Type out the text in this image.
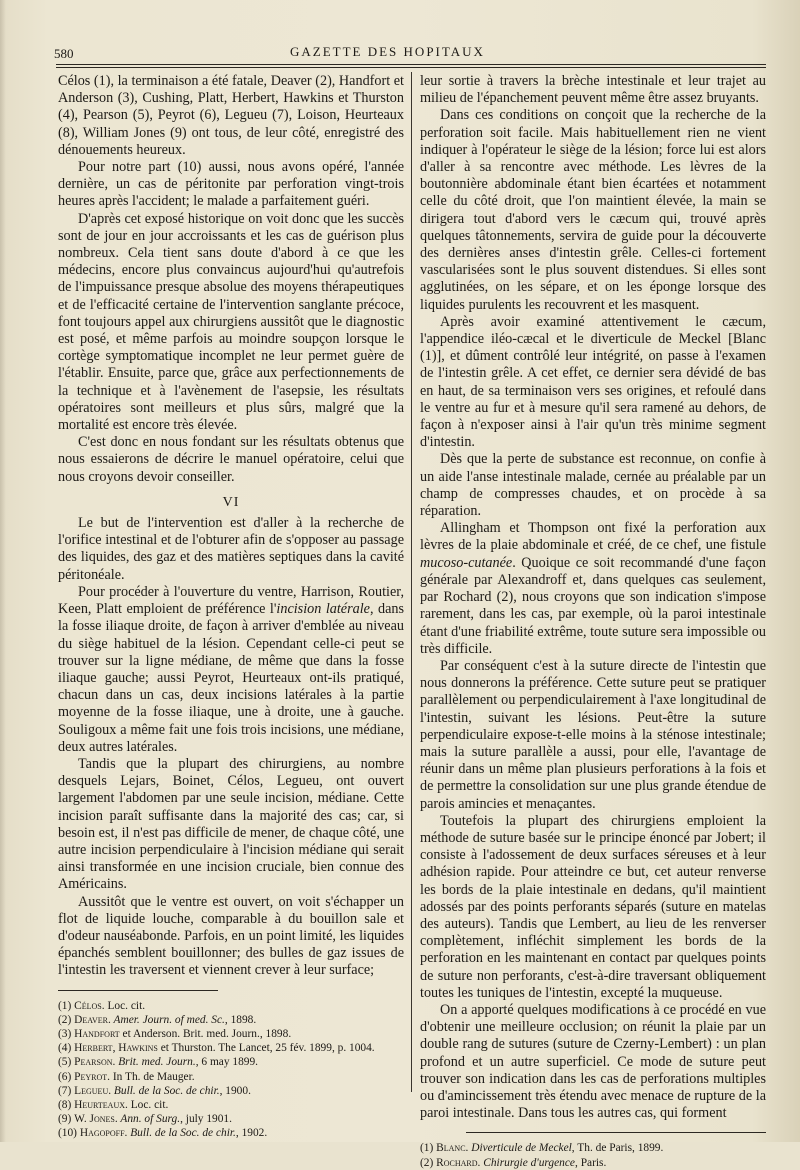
580	GAZETTE DES HOPITAUX

Célos (1), la terminaison a été fatale, Deaver (2), Handfort et Anderson (3), Cushing, Platt, Herbert, Hawkins et Thurston (4), Pearson (5), Peyrot (6), Legueu (7), Loison, Heurteaux (8), William Jones (9) ont tous, de leur côté, enregistré des dénouements heureux.

Pour notre part (10) aussi, nous avons opéré, l'année dernière, un cas de péritonite par perforation vingt-trois heures après l'accident; le malade a parfaitement guéri.

D'après cet exposé historique on voit donc que les succès sont de jour en jour accroissants et les cas de guérison plus nombreux. Cela tient sans doute d'abord à ce que les médecins, encore plus convaincus aujourd'hui qu'autrefois de l'impuissance presque absolue des moyens thérapeutiques et de l'efficacité certaine de l'intervention sanglante précoce, font toujours appel aux chirurgiens aussitôt que le diagnostic est posé, et même parfois au moindre soupçon lorsque le cortège symptomatique incomplet ne leur permet guère de l'établir. Ensuite, parce que, grâce aux perfectionnements de la technique et à l'avènement de l'asepsie, les résultats opératoires sont meilleurs et plus sûrs, malgré que la mortalité est encore très élevée.

C'est donc en nous fondant sur les résultats obtenus que nous essaierons de décrire le manuel opératoire, celui que nous croyons devoir conseiller.

VI

Le but de l'intervention est d'aller à la recherche de l'orifice intestinal et de l'obturer afin de s'opposer au passage des liquides, des gaz et des matières septiques dans la cavité péritonéale.

Pour procéder à l'ouverture du ventre, Harrison, Routier, Keen, Platt emploient de préférence l'incision latérale, dans la fosse iliaque droite, de façon à arriver d'emblée au niveau du siège habituel de la lésion. Cependant celle-ci peut se trouver sur la ligne médiane, de même que dans la fosse iliaque gauche; aussi Peyrot, Heurteaux ont-ils pratiqué, chacun dans un cas, deux incisions latérales à la partie moyenne de la fosse iliaque, une à droite, une à gauche. Souligoux a même fait une fois trois incisions, une médiane, deux autres latérales.

Tandis que la plupart des chirurgiens, au nombre desquels Lejars, Boinet, Célos, Legueu, ont ouvert largement l'abdomen par une seule incision, médiane. Cette incision paraît suffisante dans la majorité des cas; car, si besoin est, il n'est pas difficile de mener, de chaque côté, une autre incision perpendiculaire à l'incision médiane qui serait ainsi transformée en une incision cruciale, bien connue des Américains.

Aussitôt que le ventre est ouvert, on voit s'échapper un flot de liquide louche, comparable à du bouillon sale et d'odeur nauséabonde. Parfois, en un point limité, les liquides épanchés semblent bouillonner; des bulles de gaz issues de l'intestin les traversent et viennent crever à leur surface;

(1) Célos. Loc. cit.
(2) Deaver. Amer. Journ. of med. Sc., 1898.
(3) Handfort et Anderson. Brit. med. Journ., 1898.
(4) Herbert, Hawkins et Thurston. The Lancet, 25 fév. 1899, p. 1004.
(5) Pearson. Brit. med. Journ., 6 may 1899.
(6) Peyrot. In Th. de Mauger.
(7) Legueu. Bull. de la Soc. de chir., 1900.
(8) Heurteaux. Loc. cit.
(9) W. Jones. Ann. of Surg., july 1901.
(10) Hagopoff. Bull. de la Soc. de chir., 1902.

leur sortie à travers la brèche intestinale et leur trajet au milieu de l'épanchement peuvent même être assez bruyants.

Dans ces conditions on conçoit que la recherche de la perforation soit facile. Mais habituellement rien ne vient indiquer à l'opérateur le siège de la lésion; force lui est alors d'aller à sa rencontre avec méthode. Les lèvres de la boutonnière abdominale étant bien écartées et notamment celle du côté droit, que l'on maintient élevée, la main se dirigera tout d'abord vers le cæcum qui, trouvé après quelques tâtonnements, servira de guide pour la découverte des dernières anses d'intestin grêle. Celles-ci fortement vascularisées sont le plus souvent distendues. Si elles sont agglutinées, on les sépare, et on les éponge lorsque des liquides purulents les recouvrent et les masquent.

Après avoir examiné attentivement le cæcum, l'appendice iléo-cæcal et le diverticule de Meckel [Blanc (1)], et dûment contrôlé leur intégrité, on passe à l'examen de l'intestin grêle. A cet effet, ce dernier sera dévidé de bas en haut, de sa terminaison vers ses origines, et refoulé dans le ventre au fur et à mesure qu'il sera ramené au dehors, de façon à n'exposer ainsi à l'air qu'un très minime segment d'intestin.

Dès que la perte de substance est reconnue, on confie à un aide l'anse intestinale malade, cernée au préalable par un champ de compresses chaudes, et on procède à sa réparation.

Allingham et Thompson ont fixé la perforation aux lèvres de la plaie abdominale et créé, de ce chef, une fistule mucoso-cutanée. Quoique ce soit recommandé d'une façon générale par Alexandroff et, dans quelques cas seulement, par Rochard (2), nous croyons que son indication s'impose rarement, dans les cas, par exemple, où la paroi intestinale étant d'une friabilité extrême, toute suture sera impossible ou très difficile.

Par conséquent c'est à la suture directe de l'intestin que nous donnerons la préférence. Cette suture peut se pratiquer parallèlement ou perpendiculairement à l'axe longitudinal de l'intestin, suivant les lésions. Peut-être la suture perpendiculaire expose-t-elle moins à la sténose intestinale; mais la suture parallèle a aussi, pour elle, l'avantage de réunir dans un même plan plusieurs perforations à la fois et de permettre la consolidation sur une plus grande étendue de parois amincies et menaçantes.

Toutefois la plupart des chirurgiens emploient la méthode de suture basée sur le principe énoncé par Jobert; il consiste à l'adossement de deux surfaces séreuses et à leur adhésion rapide. Pour atteindre ce but, cet auteur renverse les bords de la plaie intestinale en dedans, qu'il maintient adossés par des points perforants séparés (suture en matelas des auteurs). Tandis que Lembert, au lieu de les renverser complètement, infléchit simplement les bords de la perforation en les maintenant en contact par quelques points de suture non perforants, c'est-à-dire traversant obliquement toutes les tuniques de l'intestin, excepté la muqueuse.

On a apporté quelques modifications à ce procédé en vue d'obtenir une meilleure occlusion; on réunit la plaie par un double rang de sutures (suture de Czerny-Lembert) : un plan profond et un autre superficiel. Ce mode de suture peut trouver son indication dans les cas de perforations multiples ou d'amincissement très étendu avec menace de rupture de la paroi intestinale. Dans tous les autres cas, qui forment

(1) Blanc. Diverticule de Meckel, Th. de Paris, 1899.
(2) Rochard. Chirurgie d'urgence, Paris.
